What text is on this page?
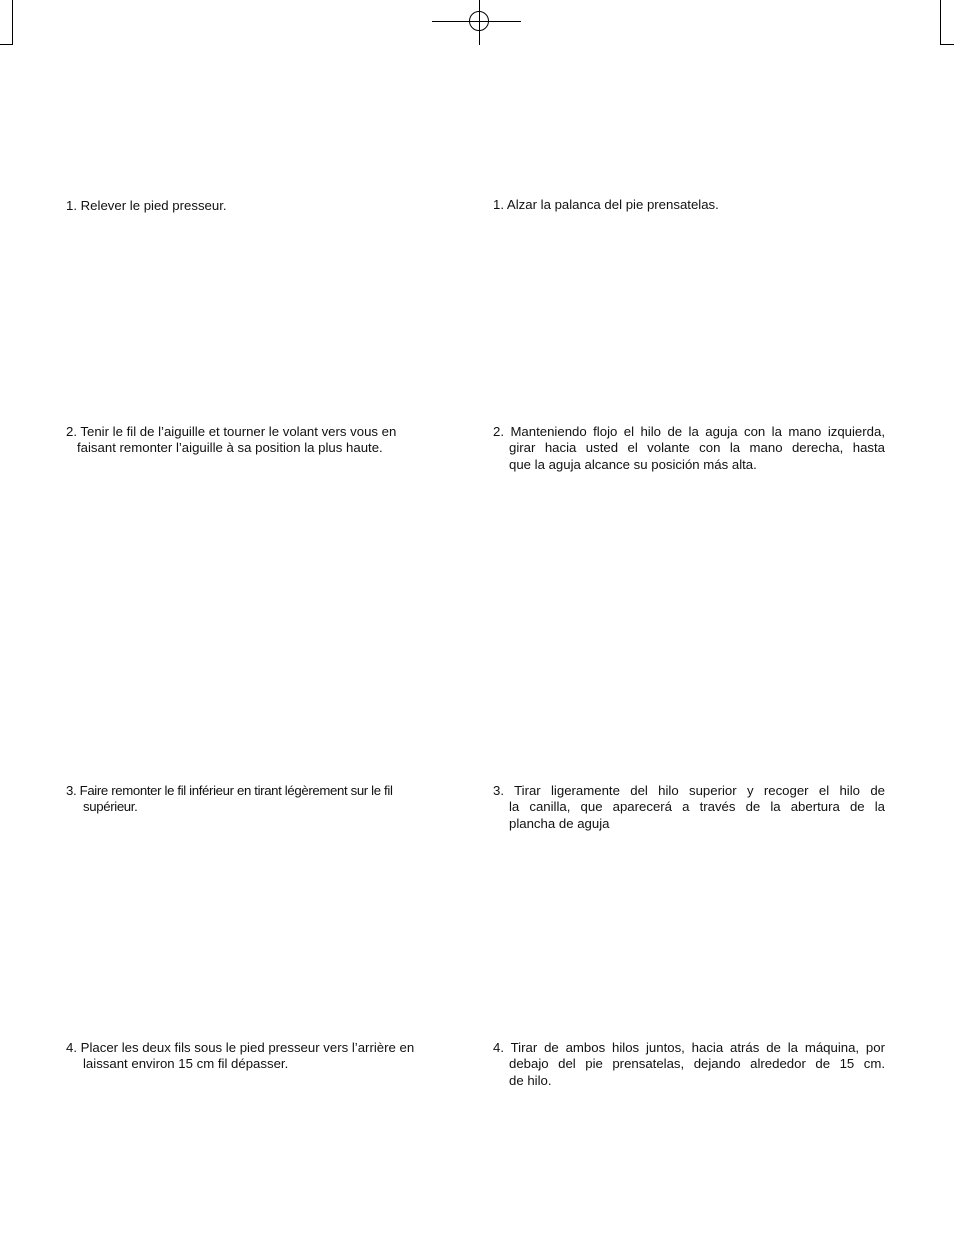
1. Relever le pied presseur.

2. Tenir le fil de l’aiguille et tourner le volant vers vous en
faisant remonter l’aiguille à sa position la plus haute.

3. Faire remonter le fil inférieur en tirant légèrement sur le fil
supérieur.

4. Placer les deux fils sous le pied presseur vers l’arrière en
laissant environ 15 cm fil dépasser.

1. Alzar la palanca del pie prensatelas.

2. Manteniendo flojo el hilo de la aguja con la mano izquierda,
girar hacia usted el volante con la mano derecha, hasta
que la aguja alcance su posición más alta.

3. Tirar ligeramente del hilo superior y recoger el hilo de
la canilla, que aparecerá a través de la abertura de la
plancha de aguja

4. Tirar de ambos hilos juntos, hacia atrás de la máquina, por
debajo del pie prensatelas, dejando alrededor de 15 cm.
de hilo.
